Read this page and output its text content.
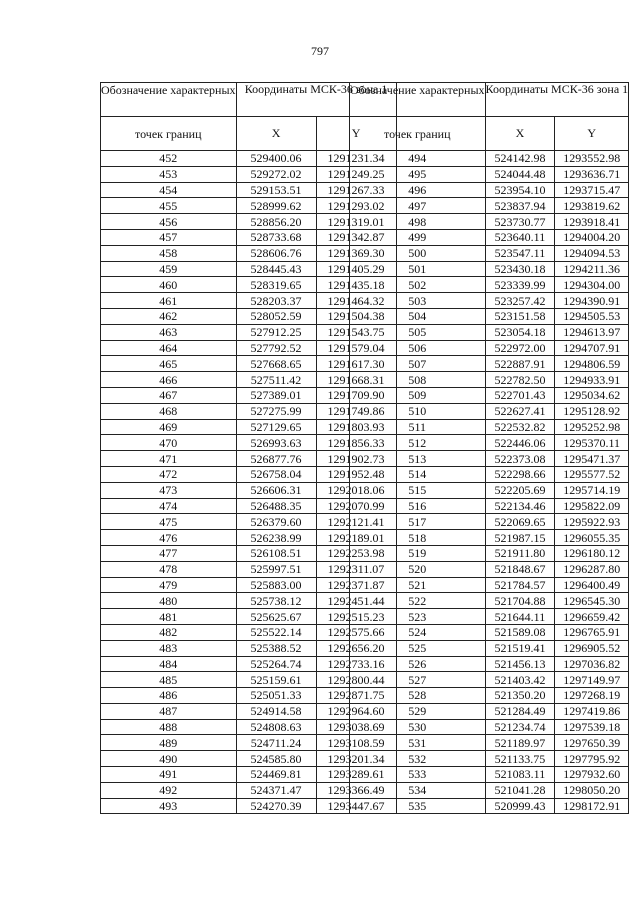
797
Обозначение характерных	Координаты МСК-36 зона 1	
точек границ	X	Y
452	529400.06	1291231.34
453	529272.02	1291249.25
454	529153.51	1291267.33
455	528999.62	1291293.02
456	528856.20	1291319.01
457	528733.68	1291342.87
458	528606.76	1291369.30
459	528445.43	1291405.29
460	528319.65	1291435.18
461	528203.37	1291464.32
462	528052.59	1291504.38
463	527912.25	1291543.75
464	527792.52	1291579.04
465	527668.65	1291617.30
466	527511.42	1291668.31
467	527389.01	1291709.90
468	527275.99	1291749.86
469	527129.65	1291803.93
470	526993.63	1291856.33
471	526877.76	1291902.73
472	526758.04	1291952.48
473	526606.31	1292018.06
474	526488.35	1292070.99
475	526379.60	1292121.41
476	526238.99	1292189.01
477	526108.51	1292253.98
478	525997.51	1292311.07
479	525883.00	1292371.87
480	525738.12	1292451.44
481	525625.67	1292515.23
482	525522.14	1292575.66
483	525388.52	1292656.20
484	525264.74	1292733.16
485	525159.61	1292800.44
486	525051.33	1292871.75
487	524914.58	1292964.60
488	524808.63	1293038.69
489	524711.24	1293108.59
490	524585.80	1293201.34
491	524469.81	1293289.61
492	524371.47	1293366.49
493	524270.39	1293447.67
Обозначение характерных	Координаты МСК-36 зона 1	
точек границ	X	Y
494	524142.98	1293552.98
495	524044.48	1293636.71
496	523954.10	1293715.47
497	523837.94	1293819.62
498	523730.77	1293918.41
499	523640.11	1294004.20
500	523547.11	1294094.53
501	523430.18	1294211.36
502	523339.99	1294304.00
503	523257.42	1294390.91
504	523151.58	1294505.53
505	523054.18	1294613.97
506	522972.00	1294707.91
507	522887.91	1294806.59
508	522782.50	1294933.91
509	522701.43	1295034.62
510	522627.41	1295128.92
511	522532.82	1295252.98
512	522446.06	1295370.11
513	522373.08	1295471.37
514	522298.66	1295577.52
515	522205.69	1295714.19
516	522134.46	1295822.09
517	522069.65	1295922.93
518	521987.15	1296055.35
519	521911.80	1296180.12
520	521848.67	1296287.80
521	521784.57	1296400.49
522	521704.88	1296545.30
523	521644.11	1296659.42
524	521589.08	1296765.91
525	521519.41	1296905.52
526	521456.13	1297036.82
527	521403.42	1297149.97
528	521350.20	1297268.19
529	521284.49	1297419.86
530	521234.74	1297539.18
531	521189.97	1297650.39
532	521133.75	1297795.92
533	521083.11	1297932.60
534	521041.28	1298050.20
535	520999.43	1298172.91
